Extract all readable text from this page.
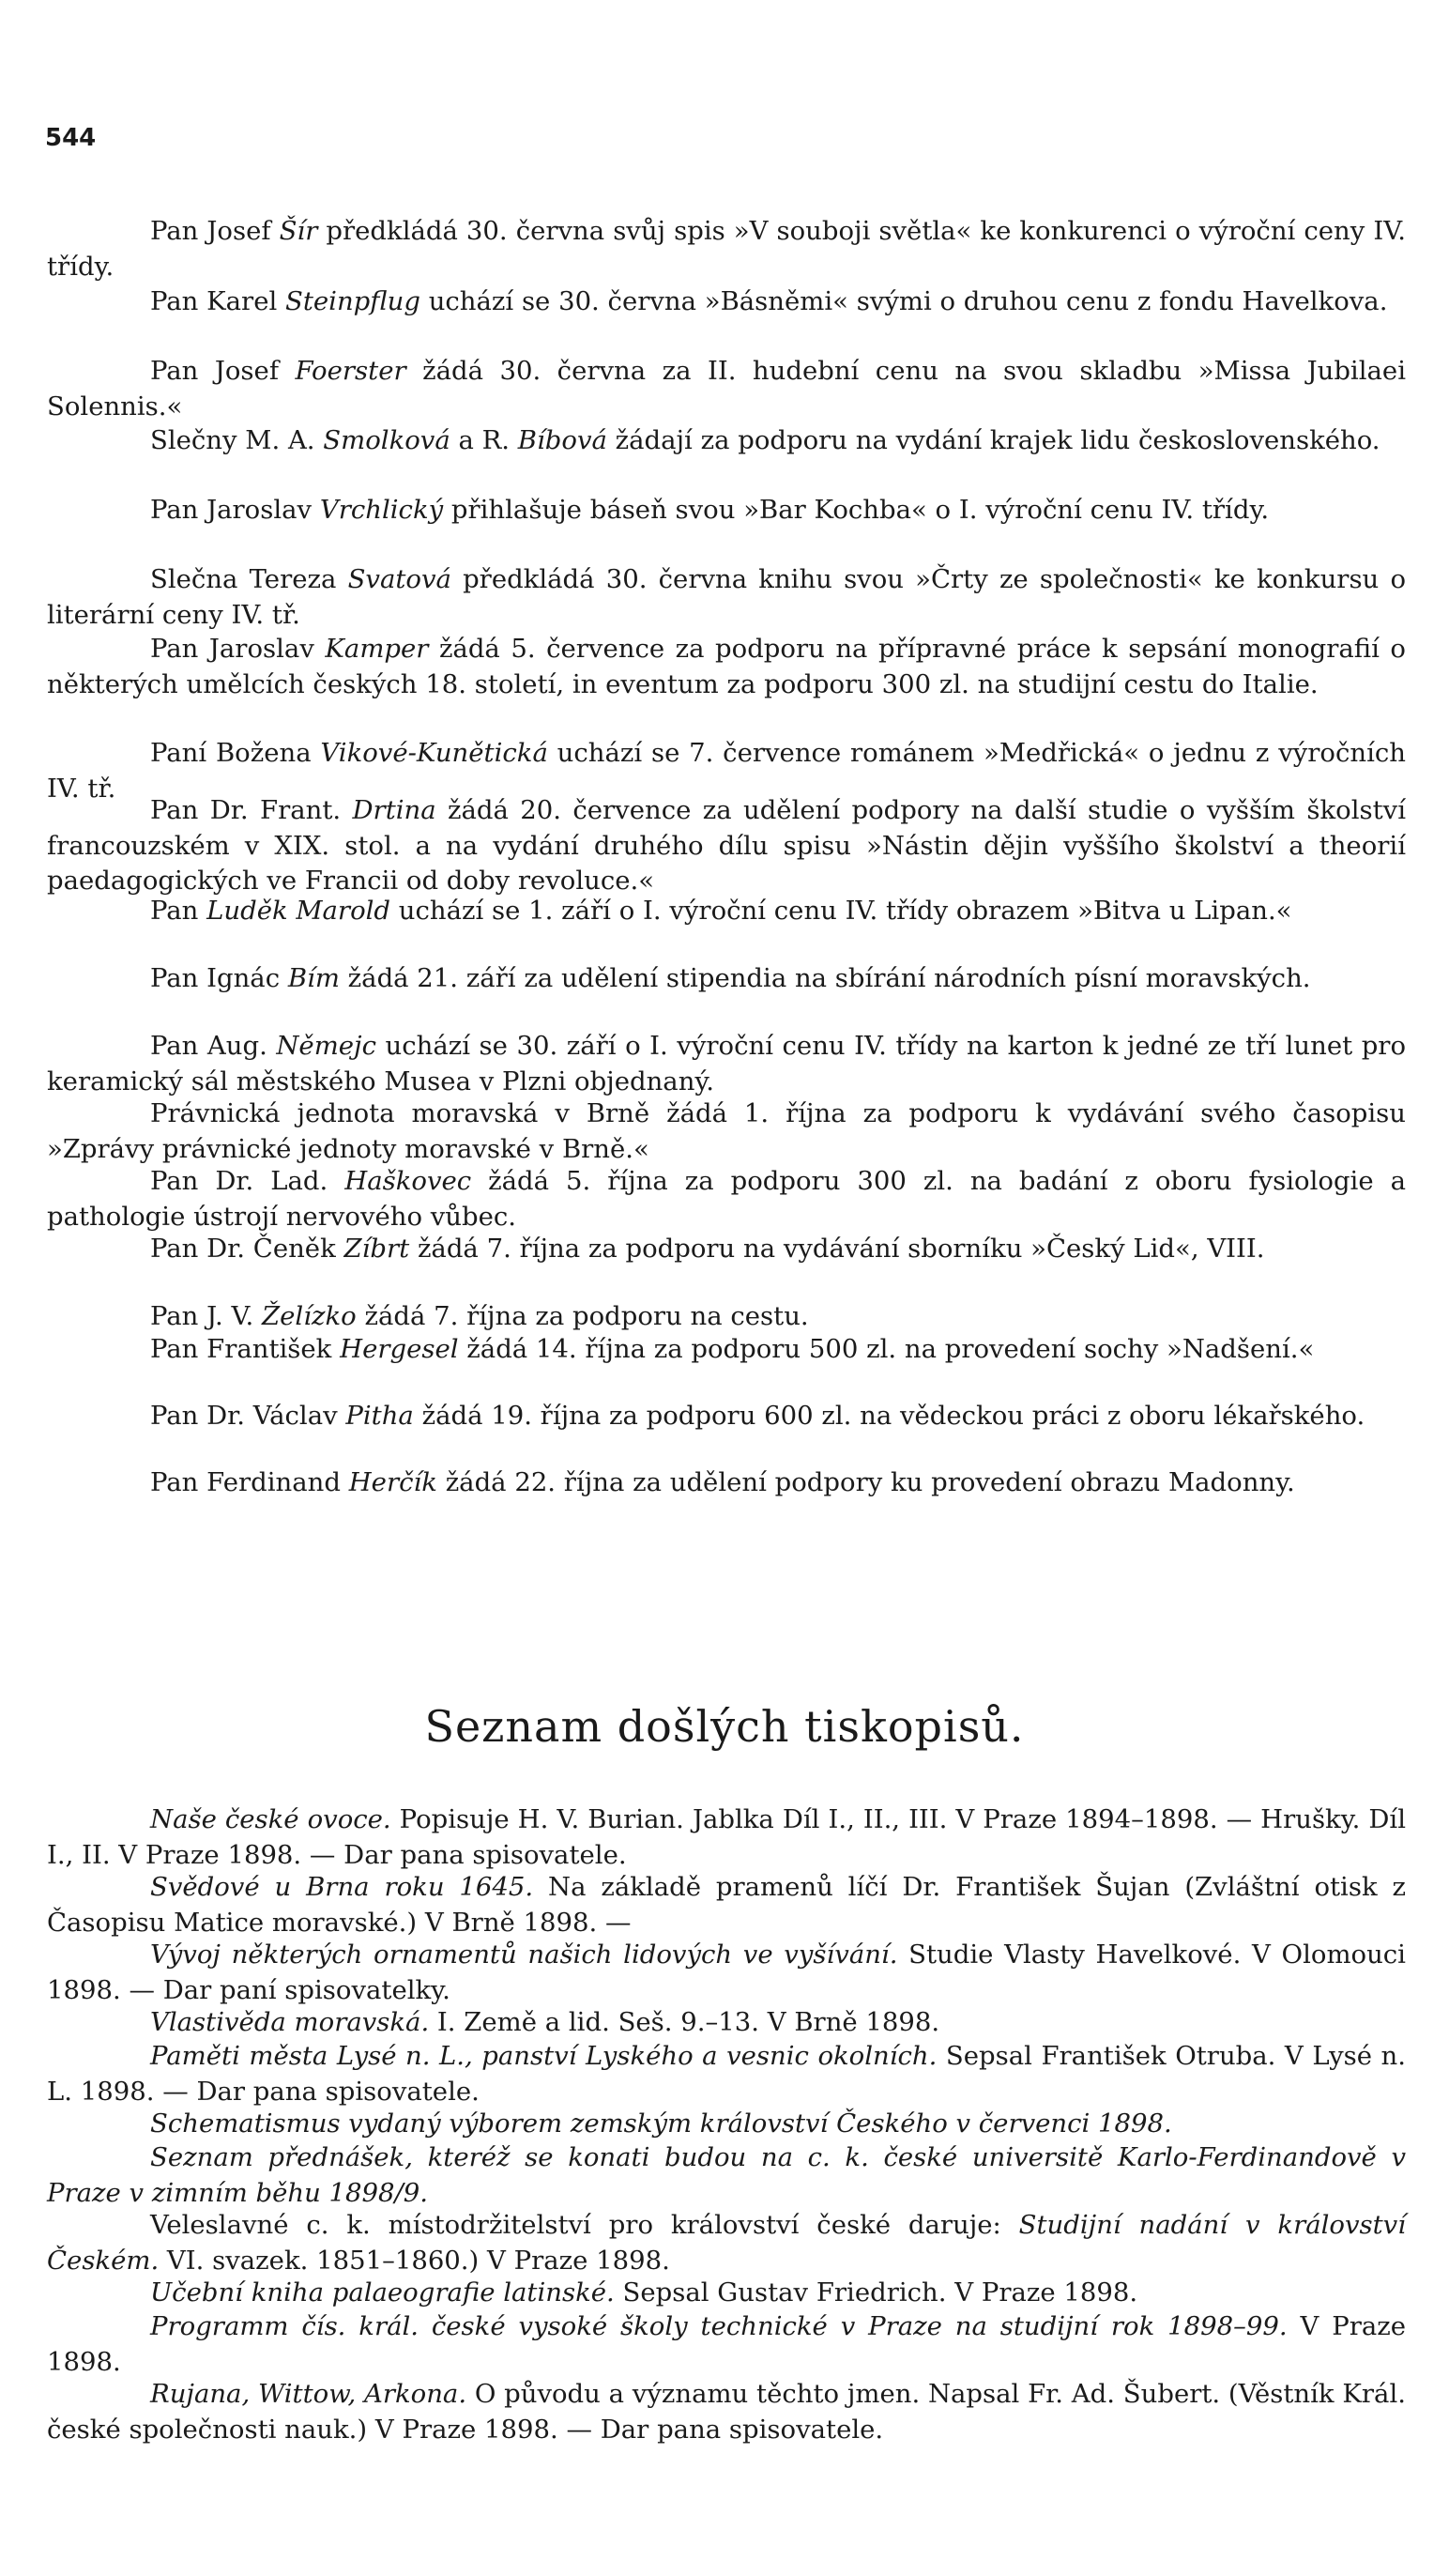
544

Pan Josef Šír předkládá 30. června svůj spis »V souboji světla« ke konkurenci o výroční ceny IV. třídy.

Pan Karel Steinpflug uchází se 30. června »Básněmi« svými o druhou cenu z fondu Havelkova.

Pan Josef Foerster žádá 30. června za II. hudební cenu na svou skladbu »Missa Jubilaei Solennis.«

Slečny M. A. Smolková a R. Bíbová žádají za podporu na vydání krajek lidu československého.

Pan Jaroslav Vrchlický přihlašuje báseň svou »Bar Kochba« o I. výroční cenu IV. třídy.

Slečna Tereza Svatová předkládá 30. června knihu svou »Črty ze společnosti« ke konkursu o literární ceny IV. tř.

Pan Jaroslav Kamper žádá 5. července za podporu na přípravné práce k sepsání monografií o některých umělcích českých 18. století, in eventum za podporu 300 zl. na studijní cestu do Italie.

Paní Božena Vikové-Kunětická uchází se 7. července románem »Medřická« o jednu z výročních IV. tř.

Pan Dr. Frant. Drtina žádá 20. července za udělení podpory na další studie o vyšším školství francouzském v XIX. stol. a na vydání druhého dílu spisu »Nástin dějin vyššího školství a theorií paedagogických ve Francii od doby revoluce.«

Pan Luděk Marold uchází se 1. září o I. výroční cenu IV. třídy obrazem »Bitva u Lipan.«

Pan Ignác Bím žádá 21. září za udělení stipendia na sbírání národních písní moravských.

Pan Aug. Němejc uchází se 30. září o I. výroční cenu IV. třídy na karton k jedné ze tří lunet pro keramický sál městského Musea v Plzni objednaný.

Právnická jednota moravská v Brně žádá 1. října za podporu k vydávání svého časopisu »Zprávy právnické jednoty moravské v Brně.«

Pan Dr. Lad. Haškovec žádá 5. října za podporu 300 zl. na badání z oboru fysiologie a pathologie ústrojí nervového vůbec.

Pan Dr. Čeněk Zíbrt žádá 7. října za podporu na vydávání sborníku »Český Lid«, VIII.

Pan J. V. Želízko žádá 7. října za podporu na cestu.

Pan František Hergesel žádá 14. října za podporu 500 zl. na provedení sochy »Nadšení.«

Pan Dr. Václav Pitha žádá 19. října za podporu 600 zl. na vědeckou práci z oboru lékařského.

Pan Ferdinand Herčík žádá 22. října za udělení podpory ku provedení obrazu Madonny.

Seznam došlých tiskopisů.

Naše české ovoce. Popisuje H. V. Burian. Jablka Díl I., II., III. V Praze 1894–1898. — Hrušky. Díl I., II. V Praze 1898. — Dar pana spisovatele.

Svědové u Brna roku 1645. Na základě pramenů líčí Dr. František Šujan (Zvláštní otisk z Časopisu Matice moravské.) V Brně 1898. —

Vývoj některých ornamentů našich lidových ve vyšívání. Studie Vlasty Havelkové. V Olomouci 1898. — Dar paní spisovatelky.

Vlastivěda moravská. I. Země a lid. Seš. 9.–13. V Brně 1898.

Paměti města Lysé n. L., panství Lyského a vesnic okolních. Sepsal František Otruba. V Lysé n. L. 1898. — Dar pana spisovatele.

Schematismus vydaný výborem zemským království Českého v červenci 1898.

Seznam přednášek, kteréž se konati budou na c. k. české universitě Karlo-Ferdinandově v Praze v zimním běhu 1898/9.

Veleslavné c. k. místodržitelství pro království české daruje: Studijní nadání v království Českém. VI. svazek. 1851–1860.) V Praze 1898.

Učební kniha palaeografie latinské. Sepsal Gustav Friedrich. V Praze 1898.

Programm čís. král. české vysoké školy technické v Praze na studijní rok 1898–99. V Praze 1898.

Rujana, Wittow, Arkona. O původu a významu těchto jmen. Napsal Fr. Ad. Šubert. (Věstník Král. české společnosti nauk.) V Praze 1898. — Dar pana spisovatele.
